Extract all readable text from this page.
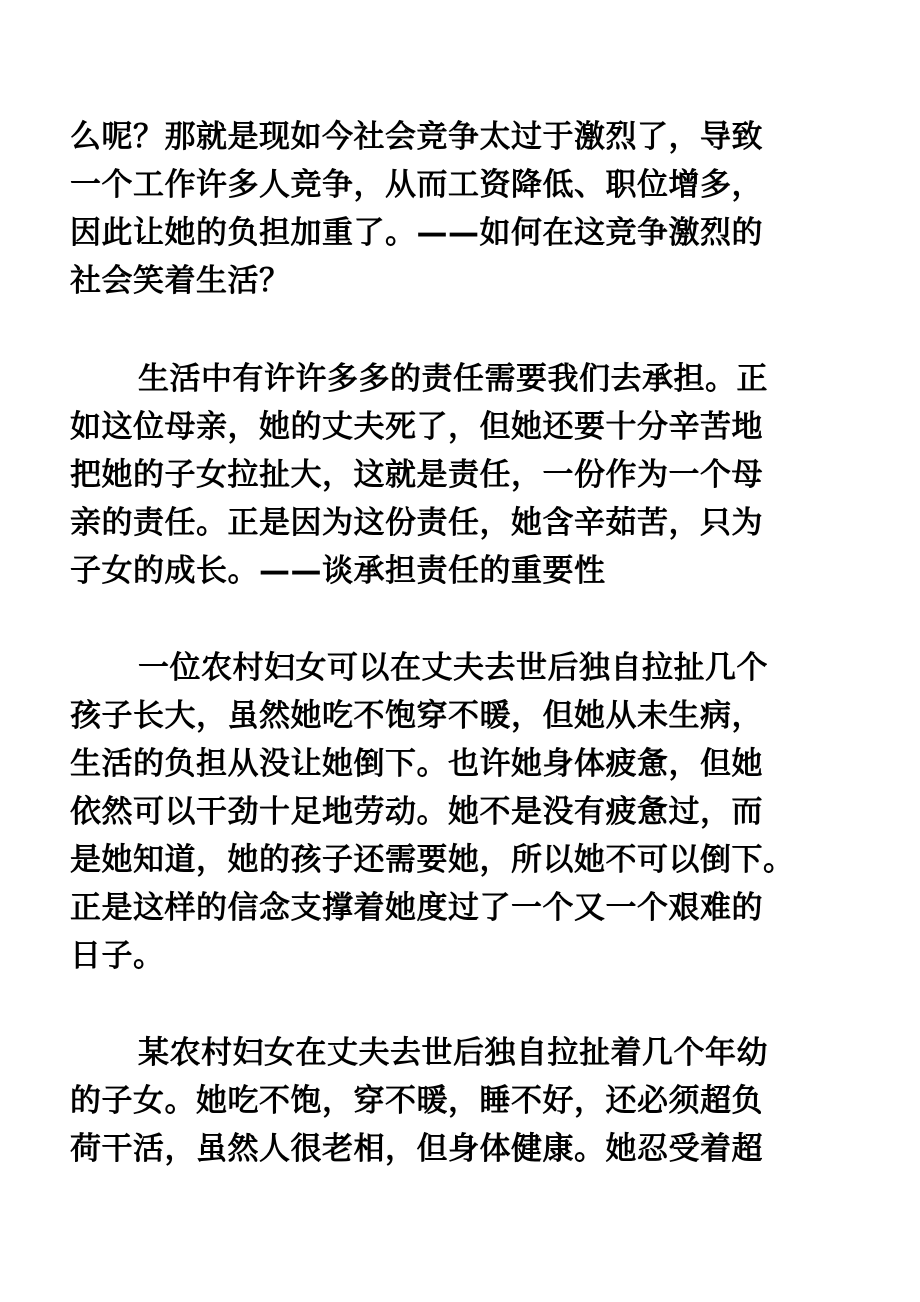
么呢？那就是现如今社会竞争太过于激烈了，导致
一个工作许多人竞争，从而工资降低、职位增多，
因此让她的负担加重了。——如何在这竞争激烈的
社会笑着生活？

生活中有许许多多的责任需要我们去承担。正
如这位母亲，她的丈夫死了，但她还要十分辛苦地
把她的子女拉扯大，这就是责任，一份作为一个母
亲的责任。正是因为这份责任，她含辛茹苦，只为
子女的成长。——谈承担责任的重要性

一位农村妇女可以在丈夫去世后独自拉扯几个
孩子长大，虽然她吃不饱穿不暖，但她从未生病，
生活的负担从没让她倒下。也许她身体疲惫，但她
依然可以干劲十足地劳动。她不是没有疲惫过，而
是她知道，她的孩子还需要她，所以她不可以倒下。
正是这样的信念支撑着她度过了一个又一个艰难的
日子。

某农村妇女在丈夫去世后独自拉扯着几个年幼
的子女。她吃不饱，穿不暖，睡不好，还必须超负
荷干活，虽然人很老相，但身体健康。她忍受着超
